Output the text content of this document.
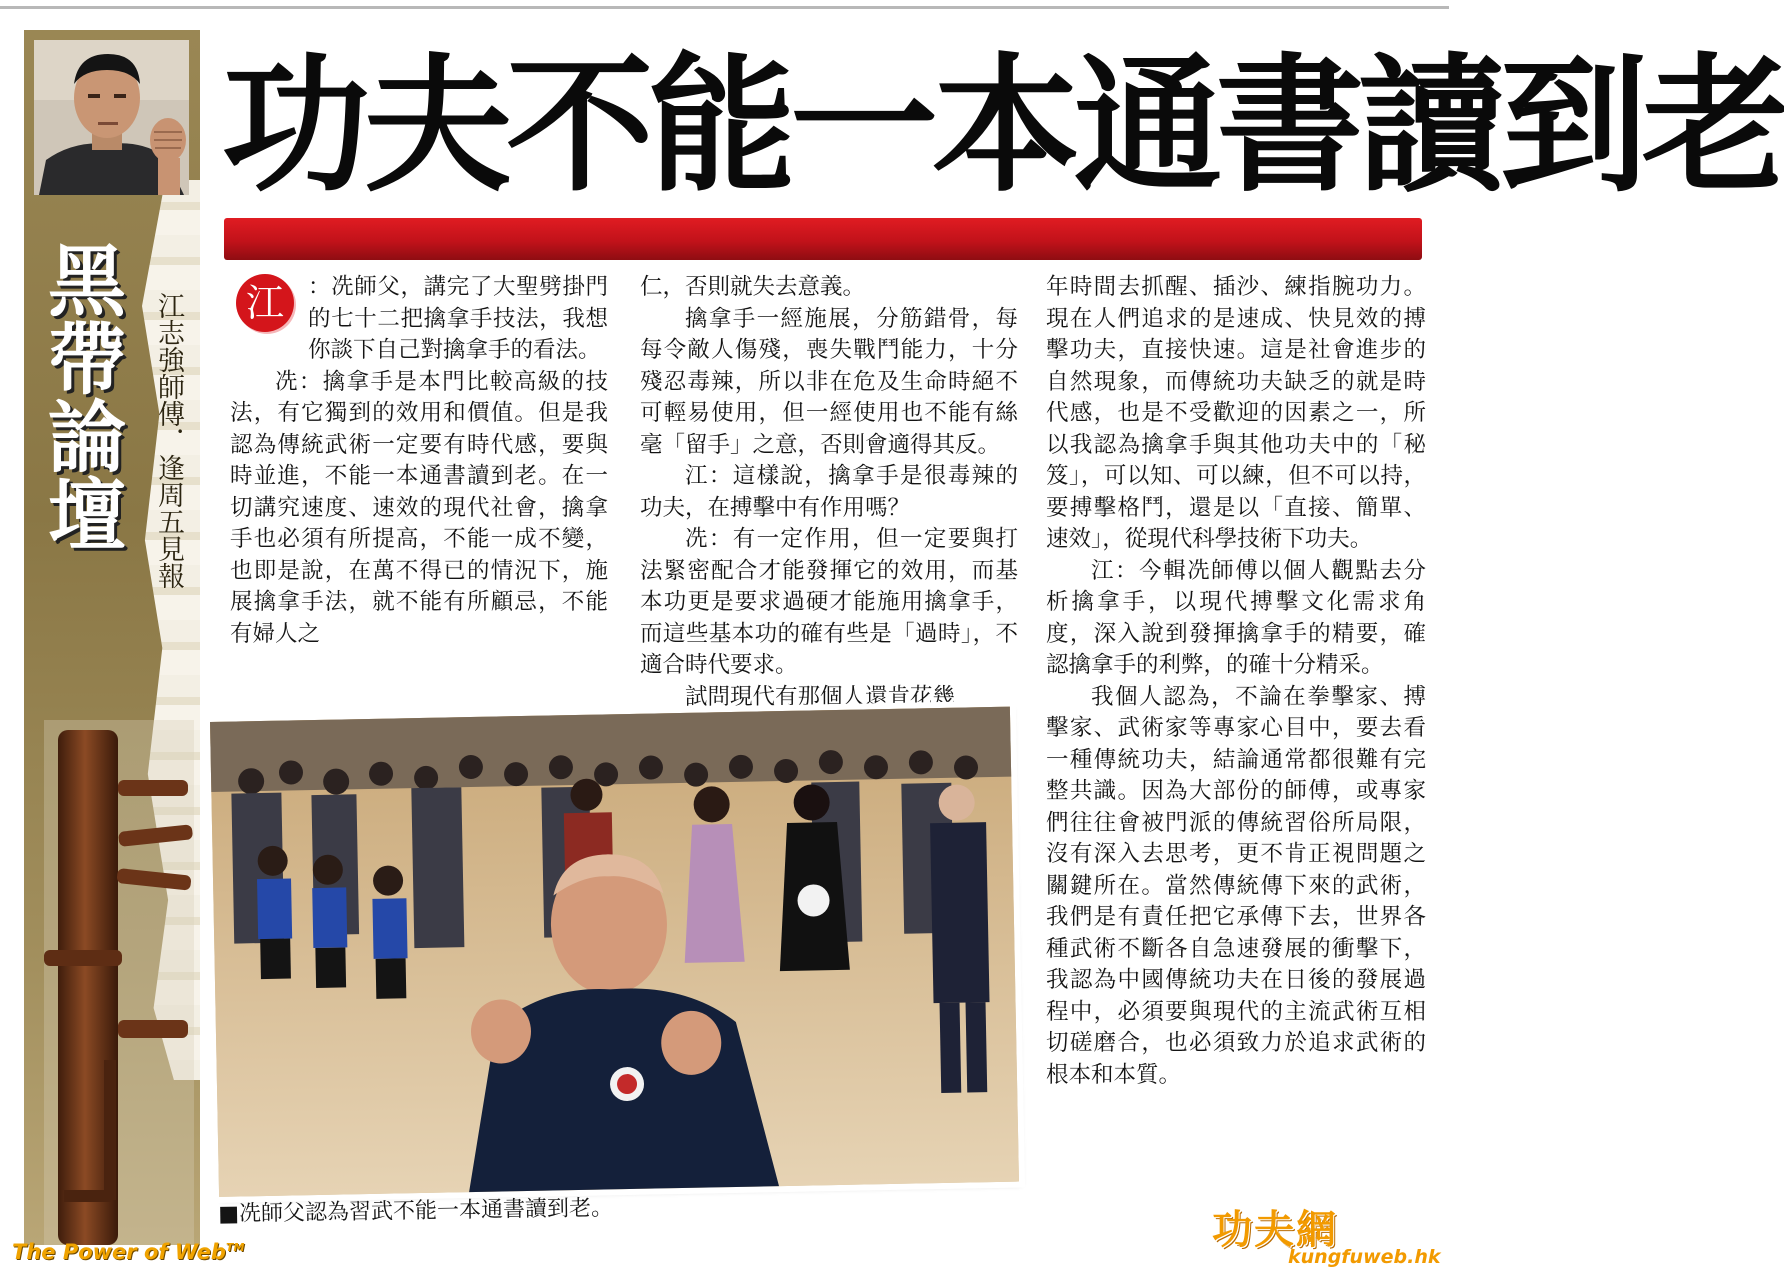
黑帶論壇 江志強師傅．逢周五見報
功夫不能一本通書讀到老
江	：冼師父，講完了大聖劈掛門的七十二把擒拿手技法，我想你談下自己對擒拿手的看法。

冼：擒拿手是本門比較高級的技法，有它獨到的效用和價值。但是我認為傳統武術一定要有時代感，要與時並進，不能一本通書讀到老。在一切講究速度、速效的現代社會，擒拿手也必須有所提高，不能一成不變，也即是說，在萬不得已的情況下，施展擒拿手法，就不能有所顧忌，不能有婦人之

仁，否則就失去意義。

擒拿手一經施展，分筋錯骨，每每令敵人傷殘，喪失戰鬥能力，十分殘忍毒辣，所以非在危及生命時絕不可輕易使用，但一經使用也不能有絲毫「留手」之意，否則會適得其反。

江：這樣說，擒拿手是很毒辣的功夫，在搏擊中有作用嗎？

冼：有一定作用，但一定要與打法緊密配合才能發揮它的效用，而基本功更是要求過硬才能施用擒拿手，而這些基本功的確有些是「過時」，不適合時代要求。

試問現代有那個人還肯花幾

年時間去抓醒、插沙、練指腕功力。現在人們追求的是速成、快見效的搏擊功夫，直接快速。這是社會進步的自然現象，而傳統功夫缺乏的就是時代感，也是不受歡迎的因素之一，所以我認為擒拿手與其他功夫中的「秘笈」，可以知、可以練，但不可以持，要搏擊格鬥，還是以「直接、簡單、速效」，從現代科學技術下功夫。

江：今輯冼師傅以個人觀點去分析擒拿手，以現代搏擊文化需求角度，深入說到發揮擒拿手的精要，確認擒拿手的利弊，的確十分精采。

我個人認為，不論在拳擊家、搏擊家、武術家等專家心目中，要去看一種傳統功夫，結論通常都很難有完整共識。因為大部份的師傅，或專家們往往會被門派的傳統習俗所局限，沒有深入去思考，更不肯正視問題之關鍵所在。當然傳統傳下來的武術，我們是有責任把它承傳下去，世界各種武術不斷各自急速發展的衝擊下，我認為中國傳統功夫在日後的發展過程中，必須要與現代的主流武術互相切磋磨合，也必須致力於追求武術的根本和本質。

■冼師父認為習武不能一本通書讀到老。
The Power of Web™	功夫網
kungfuweb.hk
